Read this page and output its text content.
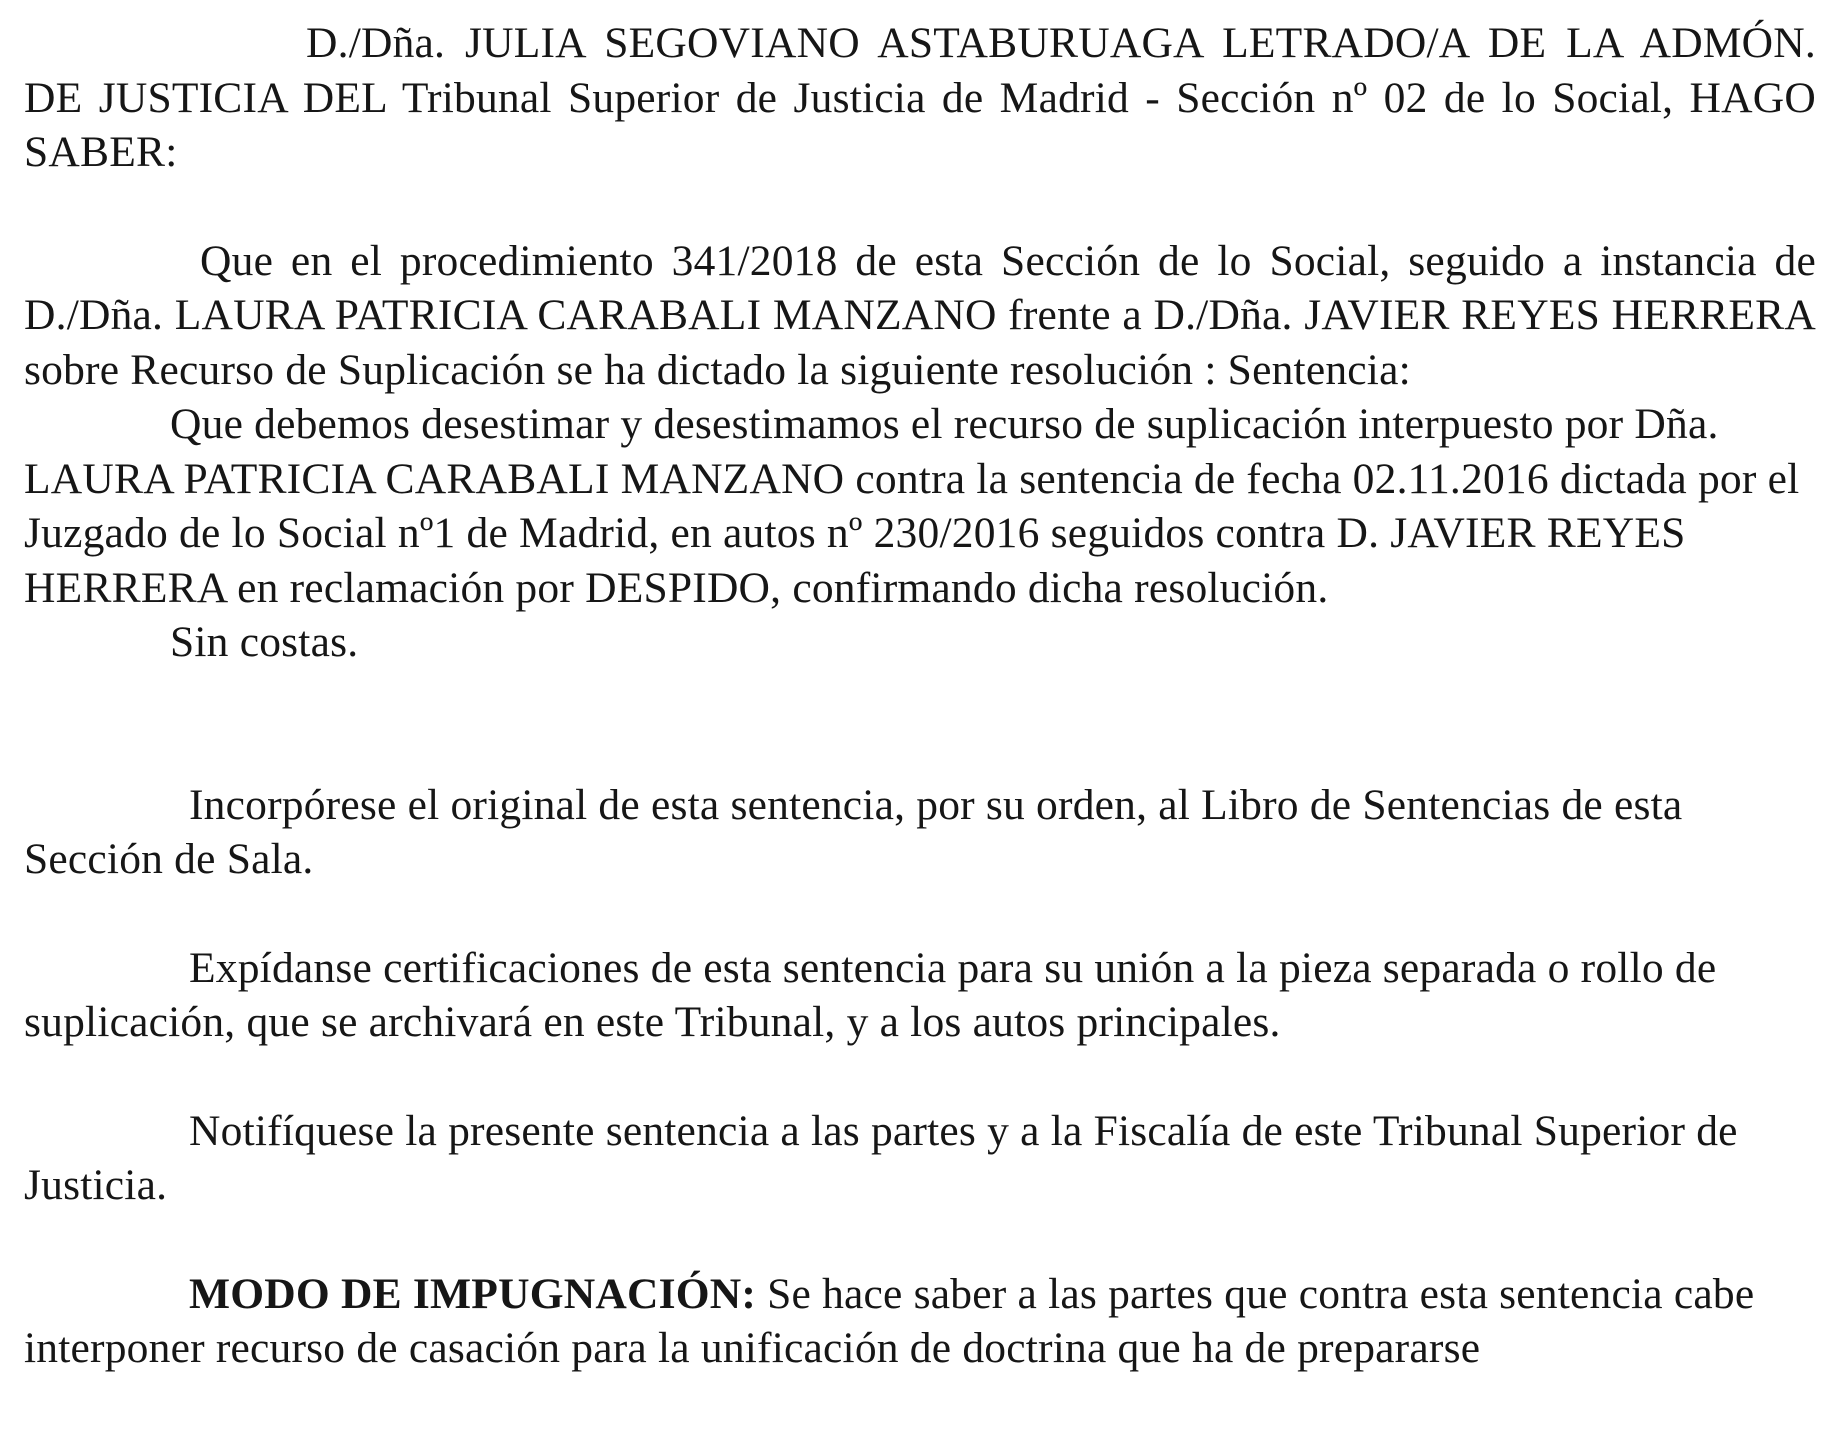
D./Dña. JULIA SEGOVIANO ASTABURUAGA LETRADO/A DE LA ADMÓN. DE JUSTICIA DEL Tribunal Superior de Justicia de Madrid - Sección nº 02 de lo Social, HAGO SABER:

Que en el procedimiento 341/2018 de esta Sección de lo Social, seguido a instancia de D./Dña. LAURA PATRICIA CARABALI MANZANO frente a D./Dña. JAVIER REYES HERRERA sobre Recurso de Suplicación se ha dictado la siguiente resolución : Sentencia:

Que debemos desestimar y desestimamos el recurso de suplicación interpuesto por Dña. LAURA PATRICIA CARABALI MANZANO contra la sentencia de fecha 02.11.2016 dictada por el Juzgado de lo Social nº1 de Madrid, en autos nº 230/2016 seguidos contra D. JAVIER REYES HERRERA en reclamación por DESPIDO, confirmando dicha resolución.
Sin costas.

Incorpórese el original de esta sentencia, por su orden, al Libro de Sentencias de esta Sección de Sala.

Expídanse certificaciones de esta sentencia para su unión a la pieza separada o rollo de suplicación, que se archivará en este Tribunal, y a los autos principales.

Notifíquese la presente sentencia a las partes y a la Fiscalía de este Tribunal Superior de Justicia.

MODO DE IMPUGNACIÓN: Se hace saber a las partes que contra esta sentencia cabe interponer recurso de casación para la unificación de doctrina que ha de prepararse
